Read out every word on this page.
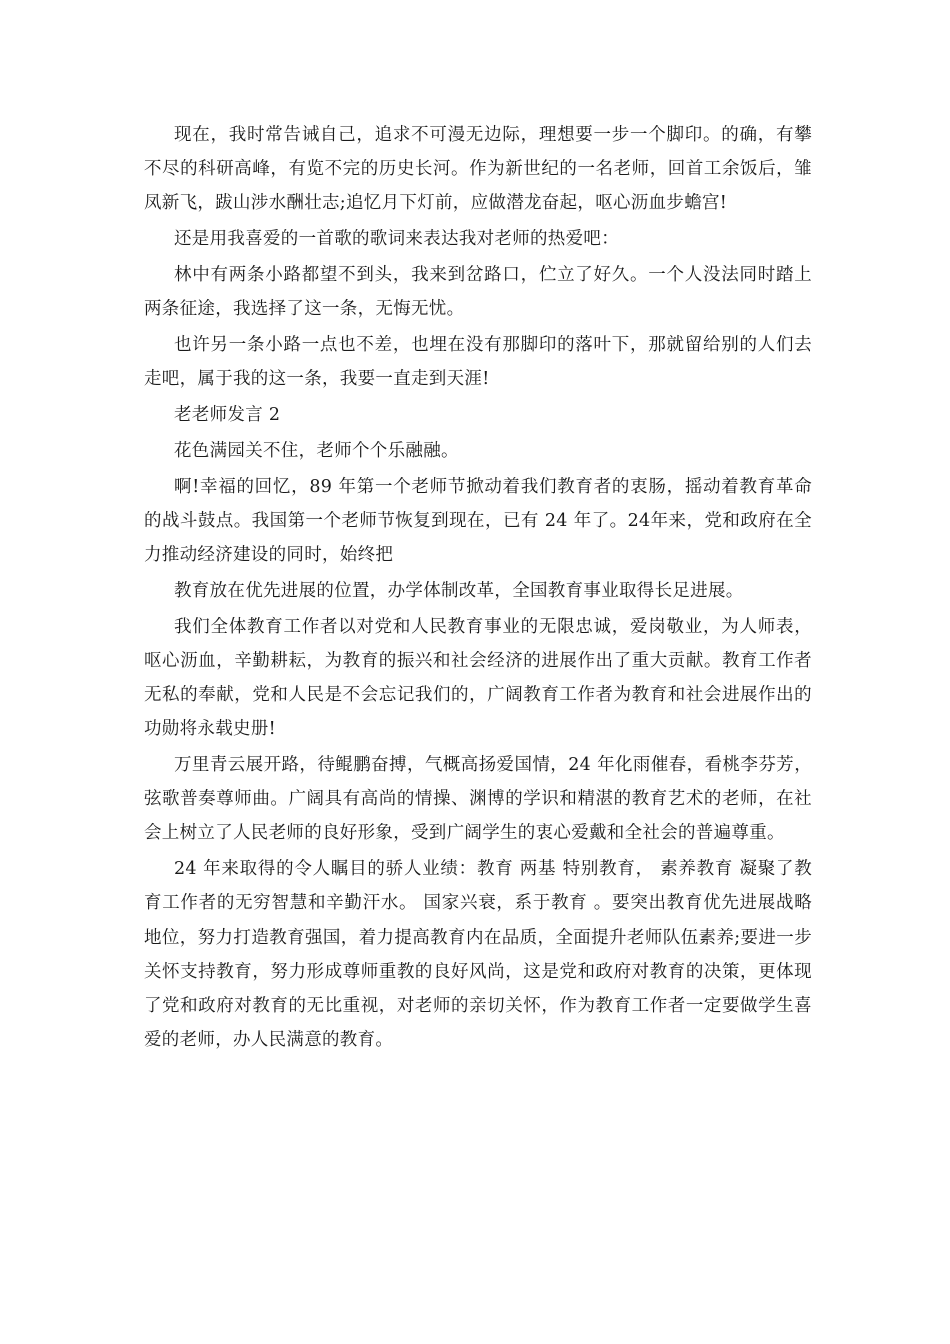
现在，我时常告诫自己，追求不可漫无边际，理想要一步一个脚印。的确，有攀不尽的科研高峰，有览不完的历史长河。作为新世纪的一名老师，回首工余饭后，雏凤新飞，跋山涉水酬壮志;追忆月下灯前，应做潜龙奋起，呕心沥血步蟾宫!

还是用我喜爱的一首歌的歌词来表达我对老师的热爱吧：

林中有两条小路都望不到头，我来到岔路口，伫立了好久。一个人没法同时踏上两条征途，我选择了这一条，无悔无忧。

也许另一条小路一点也不差，也埋在没有那脚印的落叶下，那就留给别的人们去走吧，属于我的这一条，我要一直走到天涯!

老老师发言 2

花色满园关不住，老师个个乐融融。

啊!幸福的回忆，89 年第一个老师节掀动着我们教育者的衷肠，摇动着教育革命的战斗鼓点。我国第一个老师节恢复到现在，已有 24 年了。24年来，党和政府在全力推动经济建设的同时，始终把

教育放在优先进展的位置，办学体制改革，全国教育事业取得长足进展。

我们全体教育工作者以对党和人民教育事业的无限忠诚，爱岗敬业，为人师表，呕心沥血，辛勤耕耘，为教育的振兴和社会经济的进展作出了重大贡献。教育工作者无私的奉献，党和人民是不会忘记我们的，广阔教育工作者为教育和社会进展作出的功勋将永载史册!

万里青云展开路，待鲲鹏奋搏，气概高扬爱国情，24 年化雨催春，看桃李芬芳，弦歌普奏尊师曲。广阔具有高尚的情操、渊博的学识和精湛的教育艺术的老师，在社会上树立了人民老师的良好形象，受到广阔学生的衷心爱戴和全社会的普遍尊重。

24 年来取得的令人瞩目的骄人业绩：教育 两基 特别教育， 素养教育 凝聚了教育工作者的无穷智慧和辛勤汗水。 国家兴衰，系于教育 。要突出教育优先进展战略地位，努力打造教育强国，着力提高教育内在品质，全面提升老师队伍素养;要进一步关怀支持教育，努力形成尊师重教的良好风尚，这是党和政府对教育的决策，更体现了党和政府对教育的无比重视，对老师的亲切关怀，作为教育工作者一定要做学生喜爱的老师，办人民满意的教育。
